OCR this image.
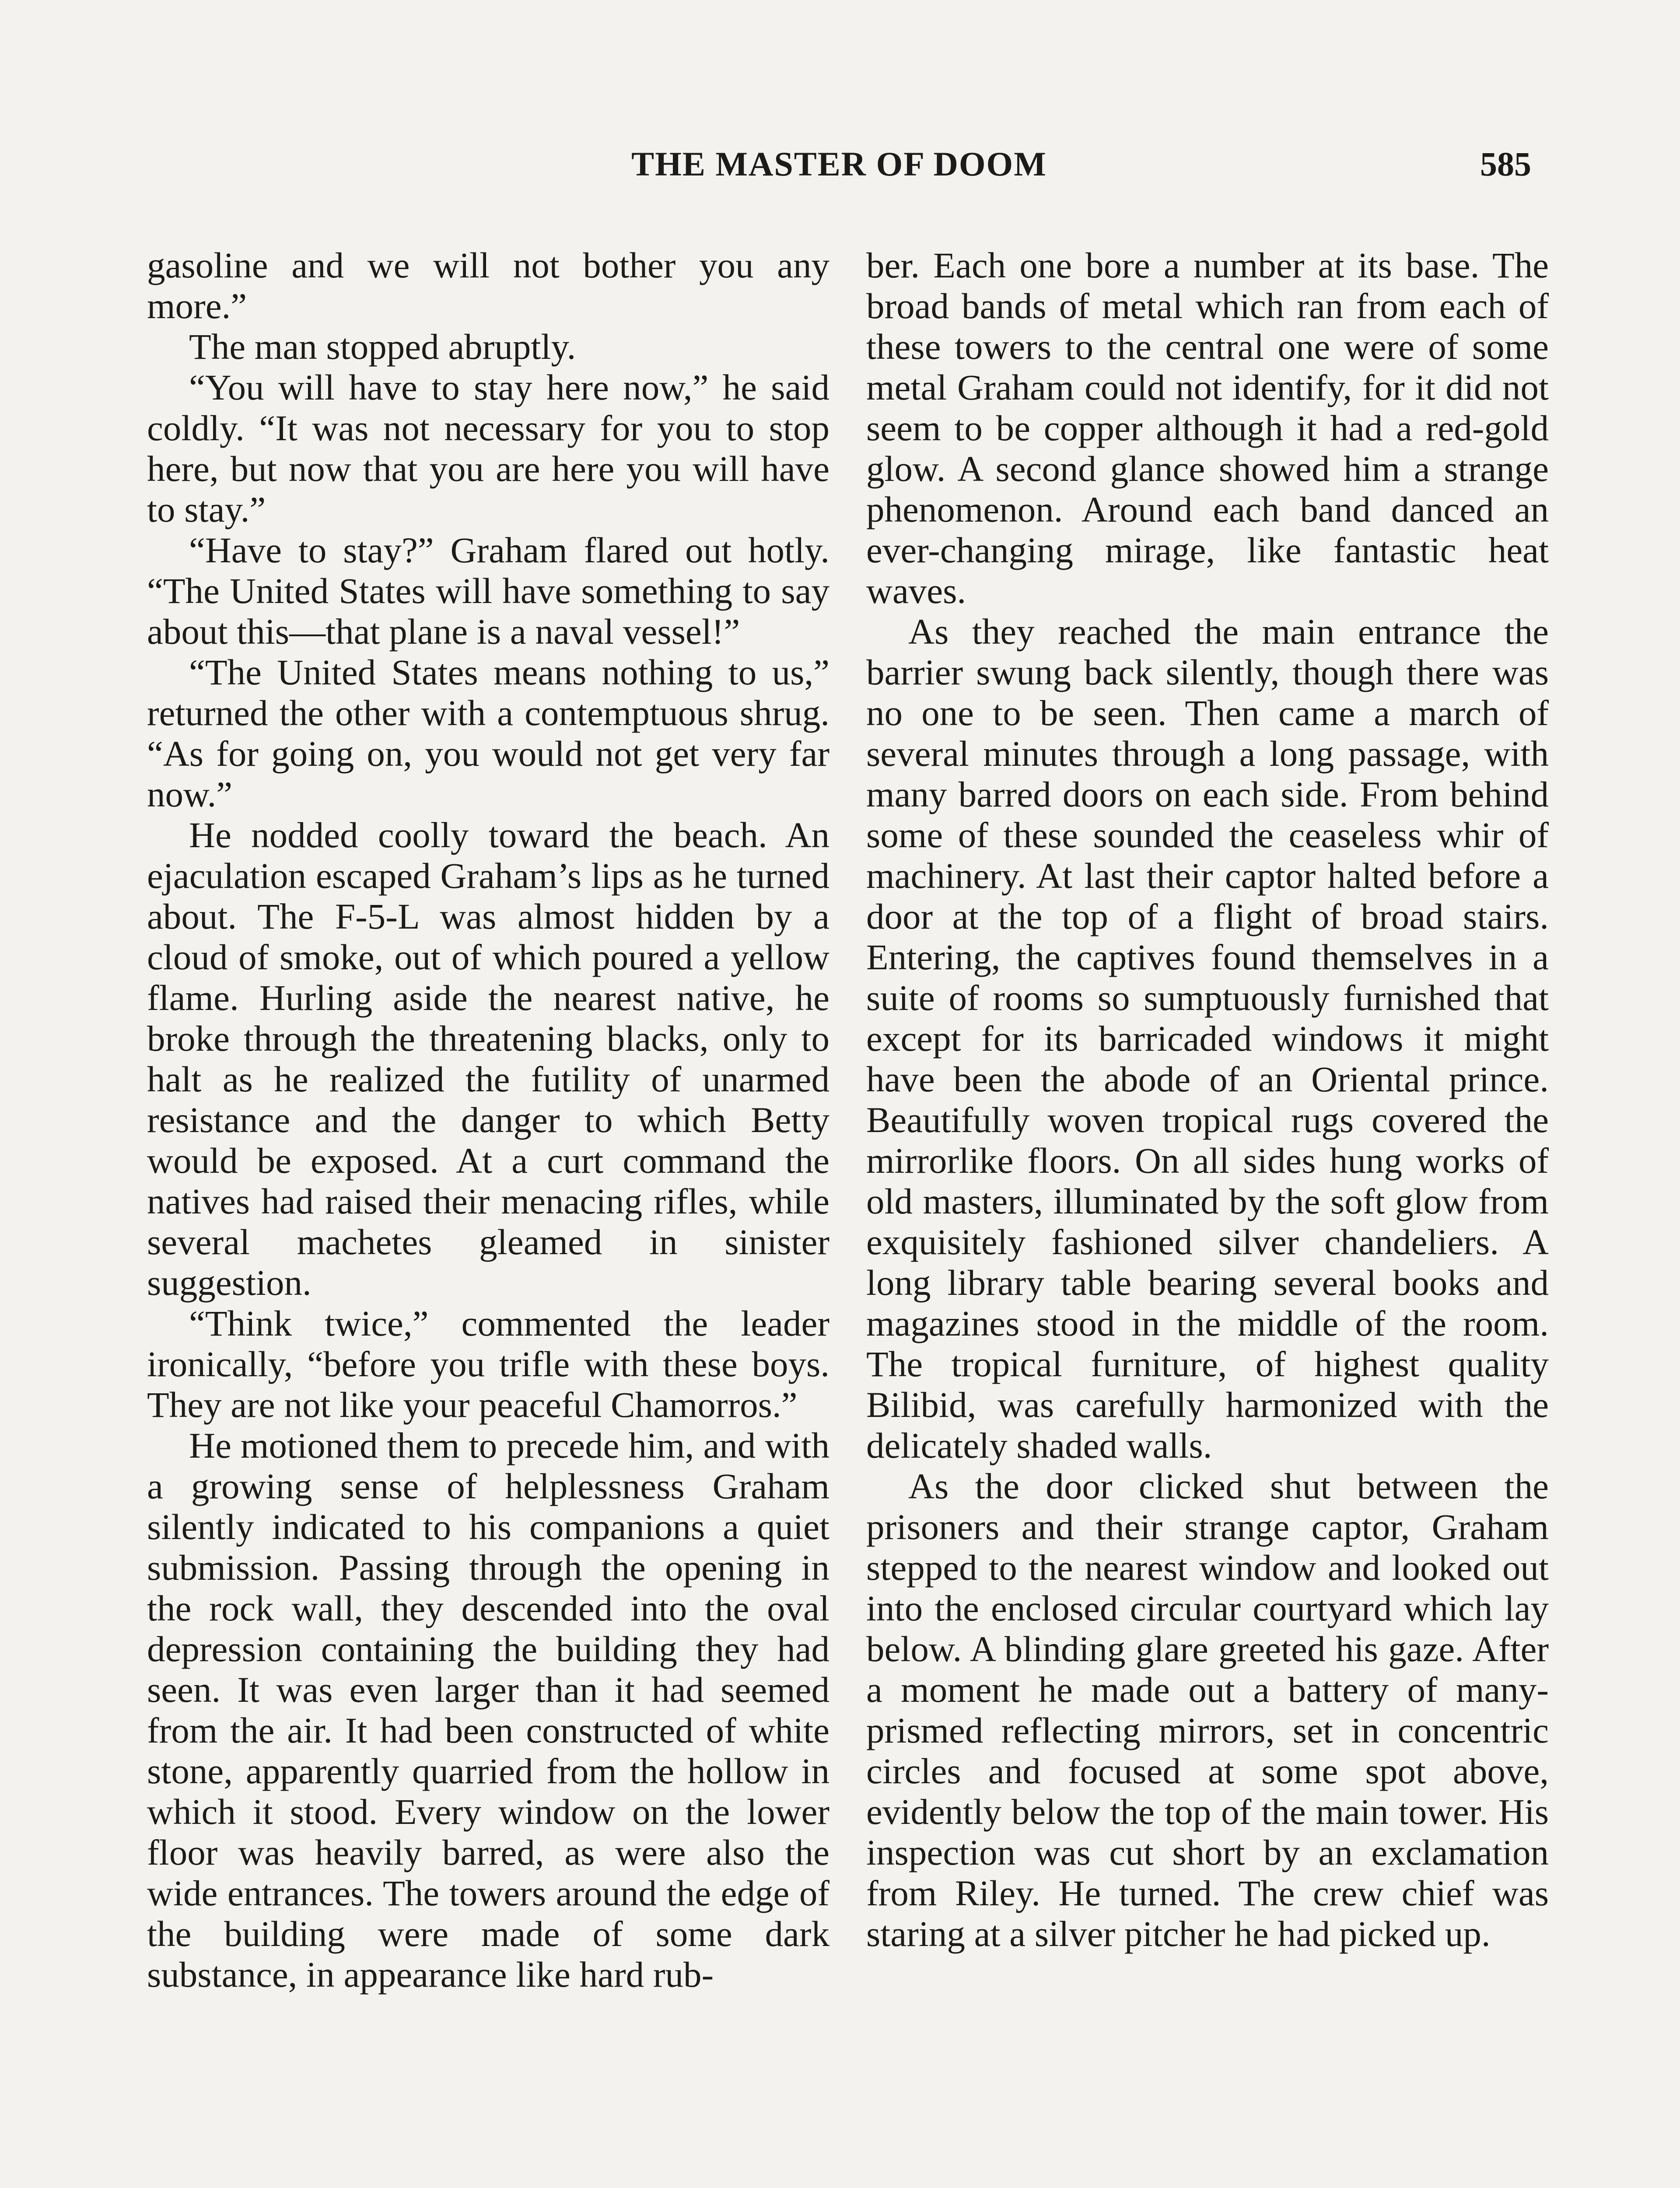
THE MASTER OF DOOM	585

gasoline and we will not bother you any more.”

The man stopped abruptly.

“You will have to stay here now,” he said coldly. “It was not necessary for you to stop here, but now that you are here you will have to stay.”

“Have to stay?” Graham flared out hotly. “The United States will have something to say about this—that plane is a naval vessel!”

“The United States means nothing to us,” returned the other with a contemptuous shrug. “As for going on, you would not get very far now.”

He nodded coolly toward the beach. An ejaculation escaped Graham’s lips as he turned about. The F-5-L was almost hidden by a cloud of smoke, out of which poured a yellow flame. Hurling aside the nearest native, he broke through the threatening blacks, only to halt as he realized the futility of unarmed resistance and the danger to which Betty would be exposed. At a curt command the natives had raised their menacing rifles, while several machetes gleamed in sinister suggestion.

“Think twice,” commented the leader ironically, “before you trifle with these boys. They are not like your peaceful Chamorros.”

He motioned them to precede him, and with a growing sense of helplessness Graham silently indicated to his companions a quiet submission. Passing through the opening in the rock wall, they descended into the oval depression containing the building they had seen. It was even larger than it had seemed from the air. It had been constructed of white stone, apparently quarried from the hollow in which it stood. Every window on the lower floor was heavily barred, as were also the wide entrances. The towers around the edge of the building were made of some dark substance, in appearance like hard rub-

ber. Each one bore a number at its base. The broad bands of metal which ran from each of these towers to the central one were of some metal Graham could not identify, for it did not seem to be copper although it had a red-gold glow. A second glance showed him a strange phenomenon. Around each band danced an ever-changing mirage, like fantastic heat waves.

As they reached the main entrance the barrier swung back silently, though there was no one to be seen. Then came a march of several minutes through a long passage, with many barred doors on each side. From behind some of these sounded the ceaseless whir of machinery. At last their captor halted before a door at the top of a flight of broad stairs. Entering, the captives found themselves in a suite of rooms so sumptuously furnished that except for its barricaded windows it might have been the abode of an Oriental prince. Beautifully woven tropical rugs covered the mirrorlike floors. On all sides hung works of old masters, illuminated by the soft glow from exquisitely fashioned silver chandeliers. A long library table bearing several books and magazines stood in the middle of the room. The tropical furniture, of highest quality Bilibid, was carefully harmonized with the delicately shaded walls.

As the door clicked shut between the prisoners and their strange captor, Graham stepped to the nearest window and looked out into the enclosed circular courtyard which lay below. A blinding glare greeted his gaze. After a moment he made out a battery of many-prismed reflecting mirrors, set in concentric circles and focused at some spot above, evidently below the top of the main tower. His inspection was cut short by an exclamation from Riley. He turned. The crew chief was staring at a silver pitcher he had picked up.
